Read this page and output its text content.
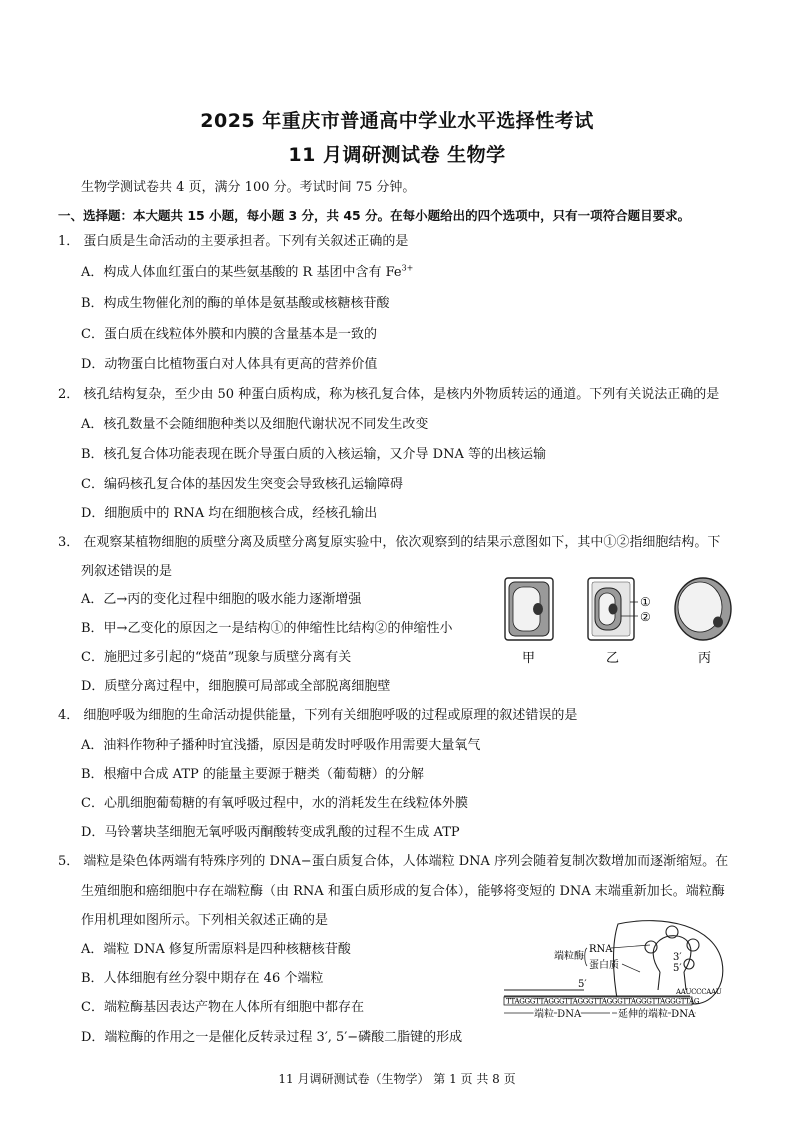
2025 年重庆市普通高中学业水平选择性考试
11 月调研测试卷 生物学
生物学测试卷共 4 页，满分 100 分。考试时间 75 分钟。
一、选择题：本大题共 15 小题，每小题 3 分，共 45 分。在每小题给出的四个选项中，只有一项符合题目要求。
1． 蛋白质是生命活动的主要承担者。下列有关叙述正确的是
A．构成人体血红蛋白的某些氨基酸的 R 基团中含有 $Fe^{3+}$
B．构成生物催化剂的酶的单体是氨基酸或核糖核苷酸
C．蛋白质在线粒体外膜和内膜的含量基本是一致的
D．动物蛋白比植物蛋白对人体具有更高的营养价值
2． 核孔结构复杂，至少由 50 种蛋白质构成，称为核孔复合体，是核内外物质转运的通道。下列有关说法正确的是
A．核孔数量不会随细胞种类以及细胞代谢状况不同发生改变
B．核孔复合体功能表现在既介导蛋白质的入核运输，又介导 DNA 等的出核运输
C．编码核孔复合体的基因发生突变会导致核孔运输障碍
D．细胞质中的 RNA 均在细胞核合成，经核孔输出
3． 在观察某植物细胞的质壁分离及质壁分离复原实验中，依次观察到的结果示意图如下，其中①②指细胞结构。下
列叙述错误的是
A．乙→丙的变化过程中细胞的吸水能力逐渐增强
B．甲→乙变化的原因之一是结构①的伸缩性比结构②的伸缩性小
C．施肥过多引起的“烧苗”现象与质壁分离有关
D．质壁分离过程中，细胞膜可局部或全部脱离细胞壁
①
②
甲	乙	丙
4． 细胞呼吸为细胞的生命活动提供能量，下列有关细胞呼吸的过程或原理的叙述错误的是
A．油料作物种子播种时宜浅播，原因是萌发时呼吸作用需要大量氧气
B．根瘤中合成 ATP 的能量主要源于糖类（葡萄糖）的分解
C．心肌细胞葡萄糖的有氧呼吸过程中，水的消耗发生在线粒体外膜
D．马铃薯块茎细胞无氧呼吸丙酮酸转变成乳酸的过程不生成 ATP
5． 端粒是染色体两端有特殊序列的 DNA−蛋白质复合体，人体端粒 DNA 序列会随着复制次数增加而逐渐缩短。在
生殖细胞和癌细胞中存在端粒酶（由 RNA 和蛋白质形成的复合体），能够将变短的 DNA 末端重新加长。端粒酶
作用机理如图所示。下列相关叙述正确的是
A．端粒 DNA 修复所需原料是四种核糖核苷酸
B．人体细胞有丝分裂中期存在 46 个端粒
C．端粒酶基因表达产物在人体所有细胞中都存在
D．端粒酶的作用之一是催化反转录过程 3′, 5′−磷酸二脂键的形成
端粒酶
RNA
蛋白质
3′
5′
5′
TTAGGGTTAGGGTTAGGGTTAGGGTTAGGGTTAGGGTTAG
AAUCCCAAU
端粒 DNA	延伸的端粒 DNA
11 月调研测试卷（生物学） 第 1 页 共 8 页
